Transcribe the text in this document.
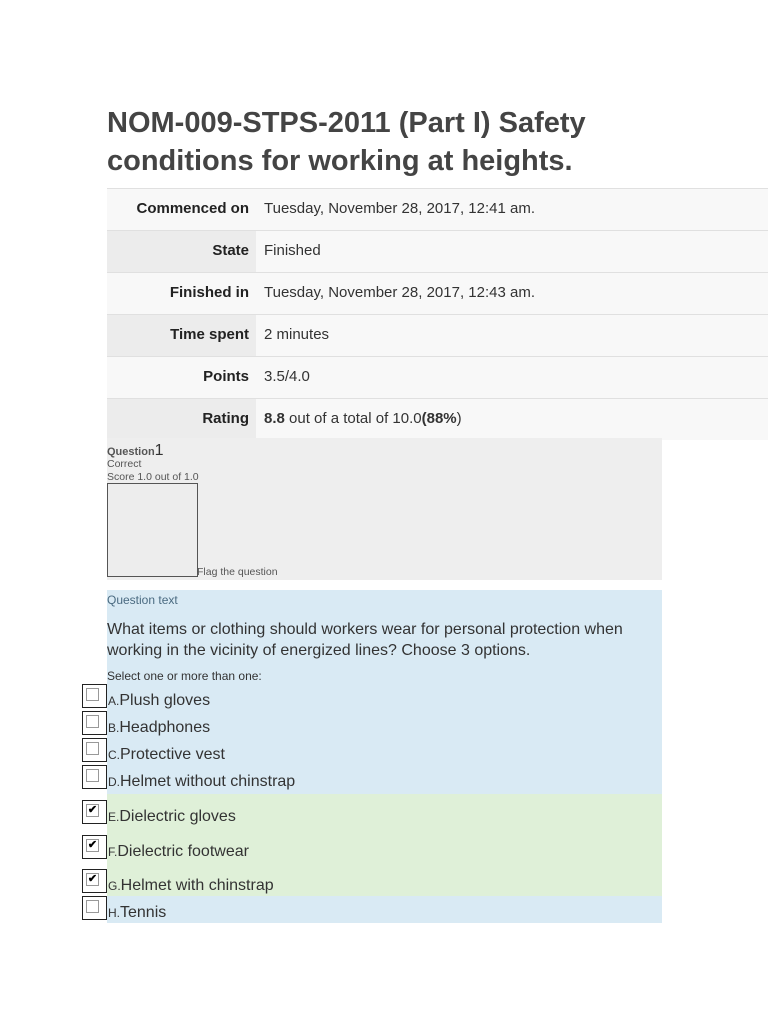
NOM-009-STPS-2011 (Part I) Safety conditions for working at heights.
Commenced on	Tuesday, November 28, 2017, 12:41 am.

State	Finished

Finished in	Tuesday, November 28, 2017, 12:43 am.

Time spent	2 minutes

Points	3.5/4.0

Rating	8.8 out of a total of 10.0(88%)
Question1
Correct
Score 1.0 out of 1.0
Flag the question
Question text
What items or clothing should workers wear for personal protection when working in the vicinity of energized lines? Choose 3 options.
Select one or more than one:
A.Plush gloves
B.Headphones
C.Protective vest
D.Helmet without chinstrap
✔ E.Dielectric gloves
✔ F.Dielectric footwear
✔ G.Helmet with chinstrap
H.Tennis
